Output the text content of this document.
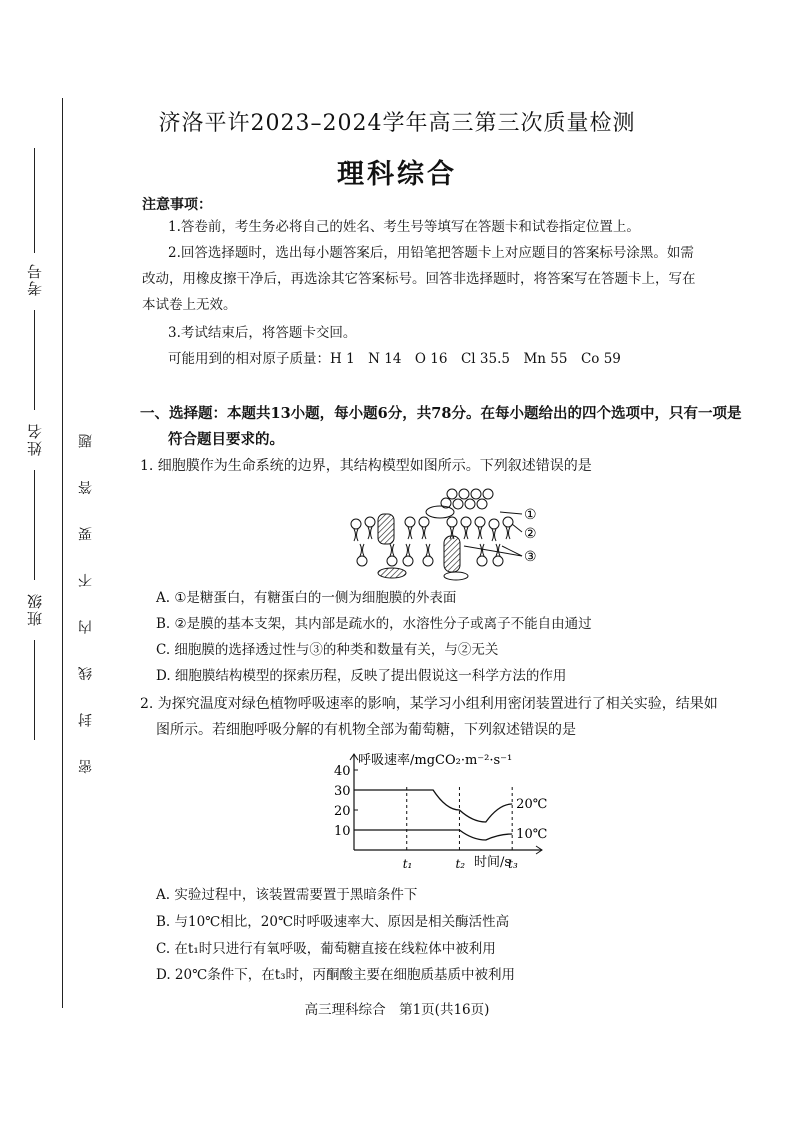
考号
姓名
班级 密 封 线 内 不 要 答 题
济洛平许2023–2024学年高三第三次质量检测
理科综合
注意事项：
1.答卷前，考生务必将自己的姓名、考生号等填写在答题卡和试卷指定位置上。
2.回答选择题时，选出每小题答案后，用铅笔把答题卡上对应题目的答案标号涂黑。如需
改动，用橡皮擦干净后，再选涂其它答案标号。回答非选择题时，将答案写在答题卡上，写在
本试卷上无效。
3.考试结束后，将答题卡交回。
可能用到的相对原子质量：H 1　N 14　O 16　Cl 35.5　Mn 55　Co 59
一、选择题：本题共13小题，每小题6分，共78分。在每小题给出的四个选项中，只有一项是
符合题目要求的。
1. 细胞膜作为生命系统的边界，其结构模型如图所示。下列叙述错误的是
①
②
③
A. ①是糖蛋白，有糖蛋白的一侧为细胞膜的外表面
B. ②是膜的基本支架，其内部是疏水的，水溶性分子或离子不能自由通过
C. 细胞膜的选择透过性与③的种类和数量有关，与②无关
D. 细胞膜结构模型的探索历程，反映了提出假说这一科学方法的作用
2. 为探究温度对绿色植物呼吸速率的影响，某学习小组利用密闭装置进行了相关实验，结果如
图所示。若细胞呼吸分解的有机物全部为葡萄糖，下列叙述错误的是
呼吸速率/mgCO₂·m⁻²·s⁻¹
时间/s
10
20
30
40
t₁	t₂	t₃
20℃
10℃
A. 实验过程中，该装置需要置于黑暗条件下
B. 与10℃相比，20℃时呼吸速率大、原因是相关酶活性高
C. 在t₁时只进行有氧呼吸，葡萄糖直接在线粒体中被利用
D. 20℃条件下，在t₃时，丙酮酸主要在细胞质基质中被利用
高三理科综合　第1页(共16页)
